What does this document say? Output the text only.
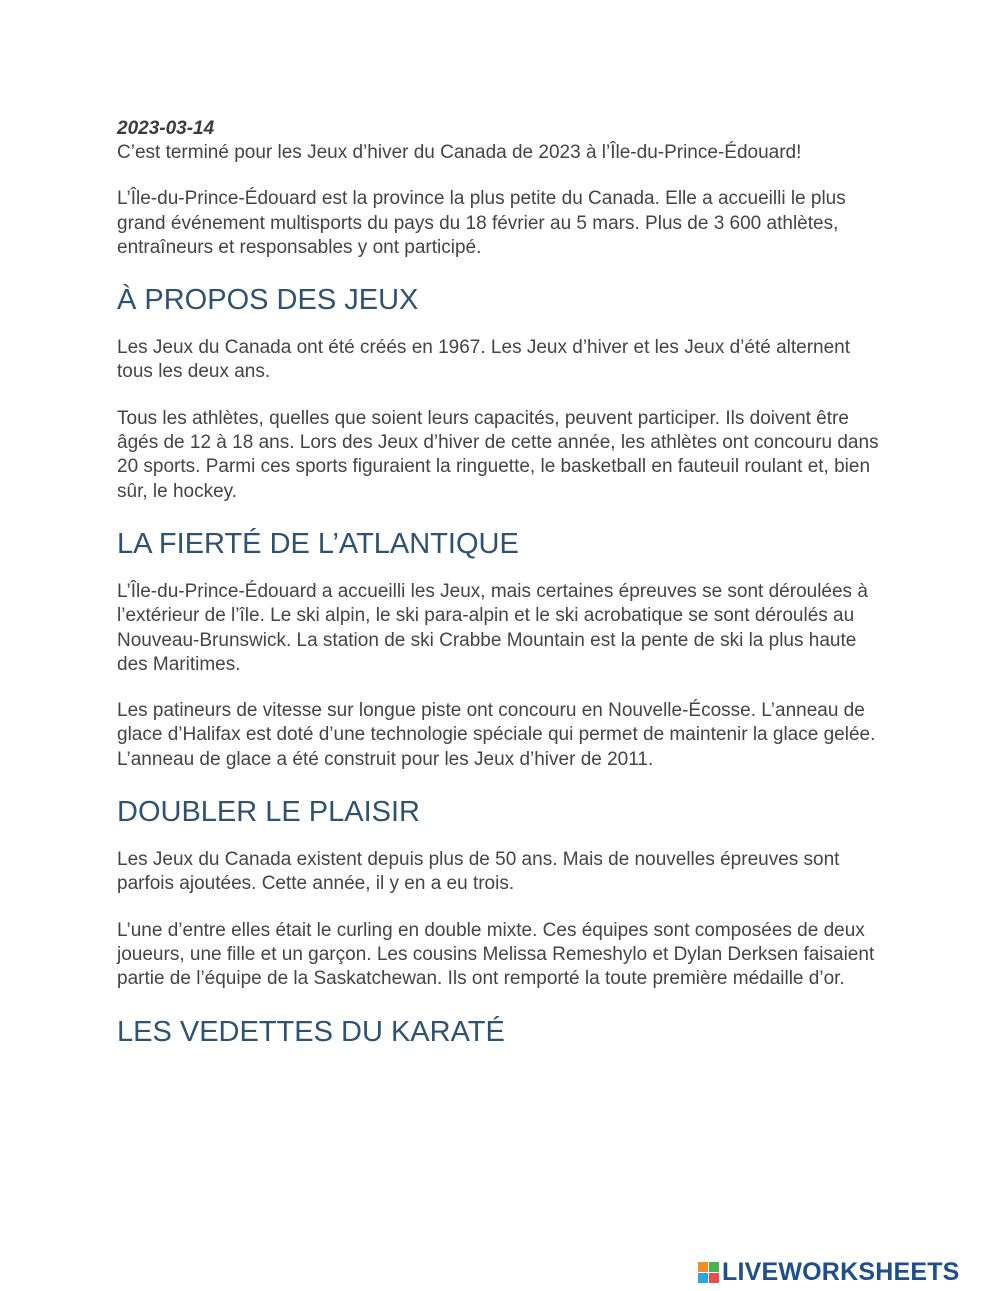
2023-03-14

C’est terminé pour les Jeux d’hiver du Canada de 2023 à l’Île-du-Prince-Édouard!

L’Île-du-Prince-Édouard est la province la plus petite du Canada. Elle a accueilli le plus grand événement multisports du pays du 18 février au 5 mars. Plus de 3 600 athlètes, entraîneurs et responsables y ont participé.

À PROPOS DES JEUX

Les Jeux du Canada ont été créés en 1967. Les Jeux d’hiver et les Jeux d’été alternent tous les deux ans.

Tous les athlètes, quelles que soient leurs capacités, peuvent participer. Ils doivent être âgés de 12 à 18 ans. Lors des Jeux d’hiver de cette année, les athlètes ont concouru dans 20 sports. Parmi ces sports figuraient la ringuette, le basketball en fauteuil roulant et, bien sûr, le hockey.

LA FIERTÉ DE L’ATLANTIQUE

L’Île-du-Prince-Édouard a accueilli les Jeux, mais certaines épreuves se sont déroulées à l’extérieur de l’île. Le ski alpin, le ski para-alpin et le ski acrobatique se sont déroulés au Nouveau-Brunswick. La station de ski Crabbe Mountain est la pente de ski la plus haute des Maritimes.

Les patineurs de vitesse sur longue piste ont concouru en Nouvelle-Écosse. L’anneau de glace d’Halifax est doté d’une technologie spéciale qui permet de maintenir la glace gelée. L’anneau de glace a été construit pour les Jeux d’hiver de 2011.

DOUBLER LE PLAISIR

Les Jeux du Canada existent depuis plus de 50 ans. Mais de nouvelles épreuves sont parfois ajoutées. Cette année, il y en a eu trois.

L’une d’entre elles était le curling en double mixte. Ces équipes sont composées de deux joueurs, une fille et un garçon. Les cousins Melissa Remeshylo et Dylan Derksen faisaient partie de l’équipe de la Saskatchewan. Ils ont remporté la toute première médaille d’or.

LES VEDETTES DU KARATÉ
LIVEWORKSHEETS
